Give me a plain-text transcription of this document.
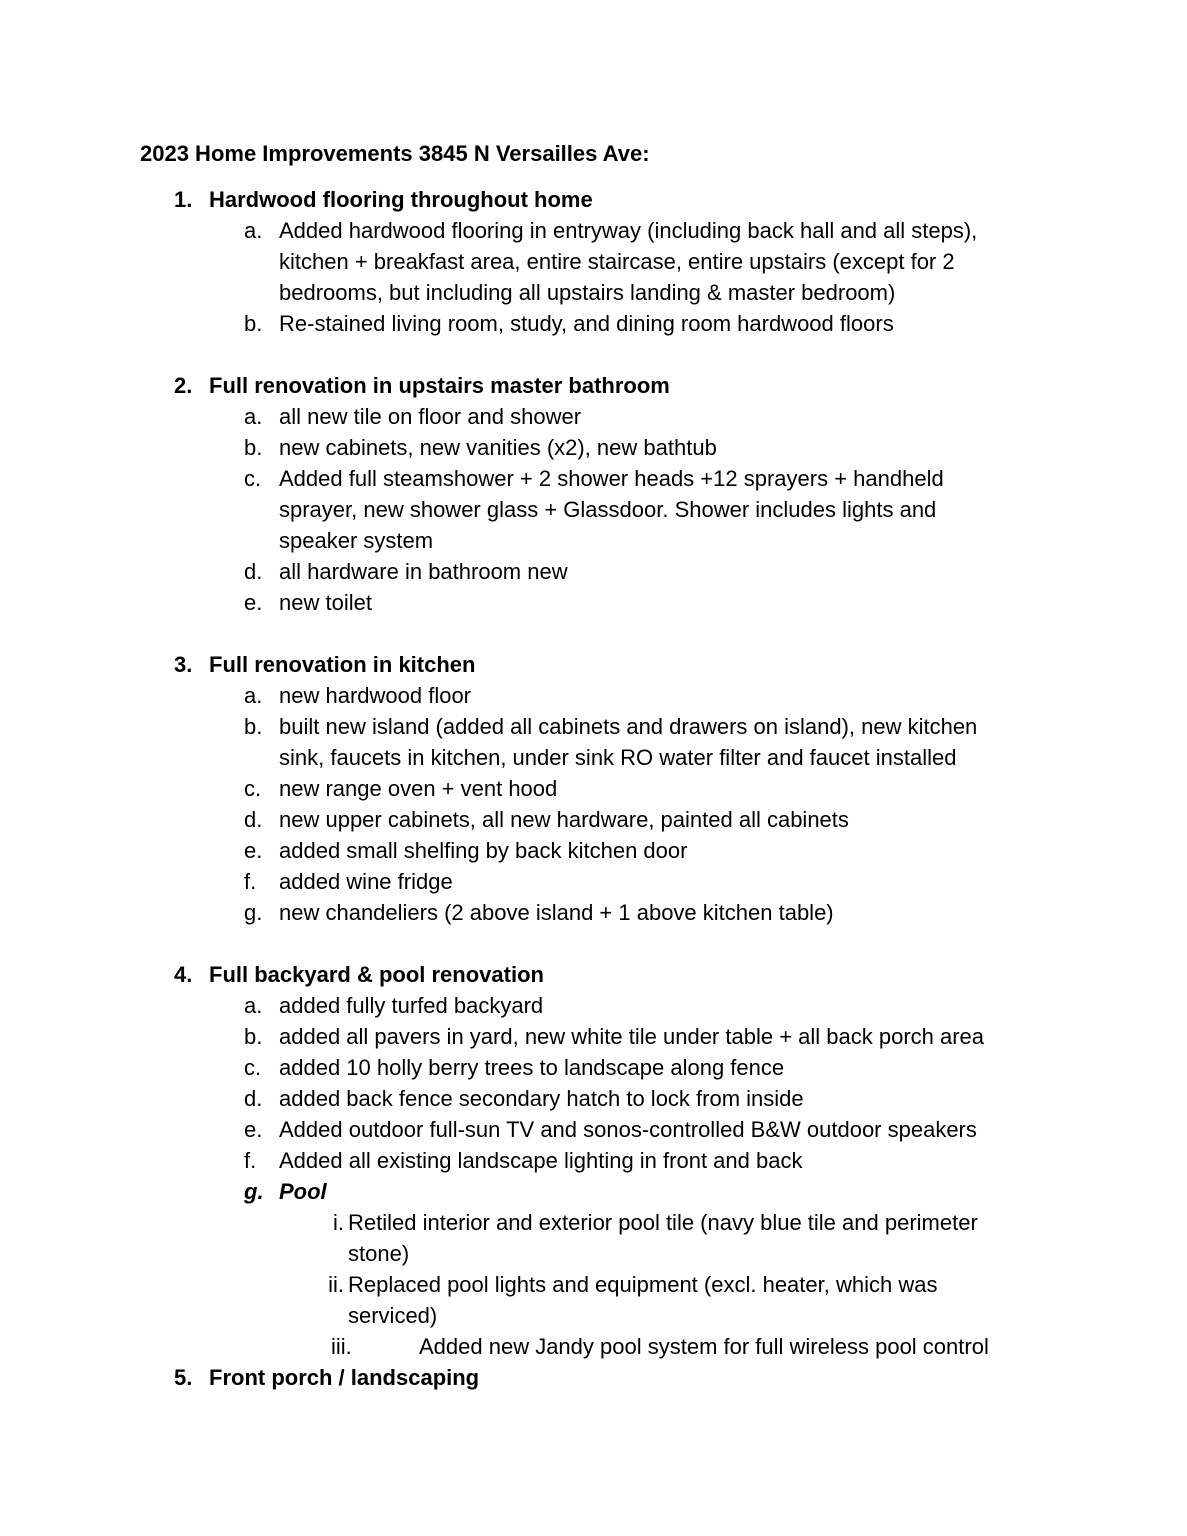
2023 Home Improvements 3845 N Versailles Ave:
1. Hardwood flooring throughout home
a. Added hardwood flooring in entryway (including back hall and all steps),
kitchen + breakfast area, entire staircase, entire upstairs (except for 2
bedrooms, but including all upstairs landing & master bedroom)
b. Re-stained living room, study, and dining room hardwood floors
2. Full renovation in upstairs master bathroom
a. all new tile on floor and shower
b. new cabinets, new vanities (x2), new bathtub
c. Added full steamshower + 2 shower heads +12 sprayers + handheld
sprayer, new shower glass + Glassdoor. Shower includes lights and
speaker system
d. all hardware in bathroom new
e. new toilet
3. Full renovation in kitchen
a. new hardwood floor
b. built new island (added all cabinets and drawers on island), new kitchen
sink, faucets in kitchen, under sink RO water filter and faucet installed
c. new range oven + vent hood
d. new upper cabinets, all new hardware, painted all cabinets
e. added small shelfing by back kitchen door
f. added wine fridge
g. new chandeliers (2 above island + 1 above kitchen table)
4. Full backyard & pool renovation
a. added fully turfed backyard
b. added all pavers in yard, new white tile under table + all back porch area
c. added 10 holly berry trees to landscape along fence
d. added back fence secondary hatch to lock from inside
e. Added outdoor full-sun TV and sonos-controlled B&W outdoor speakers
f. Added all existing landscape lighting in front and back
g. Pool
i. Retiled interior and exterior pool tile (navy blue tile and perimeter
stone)
ii. Replaced pool lights and equipment (excl. heater, which was
serviced)
iii.	Added new Jandy pool system for full wireless pool control
5. Front porch / landscaping
